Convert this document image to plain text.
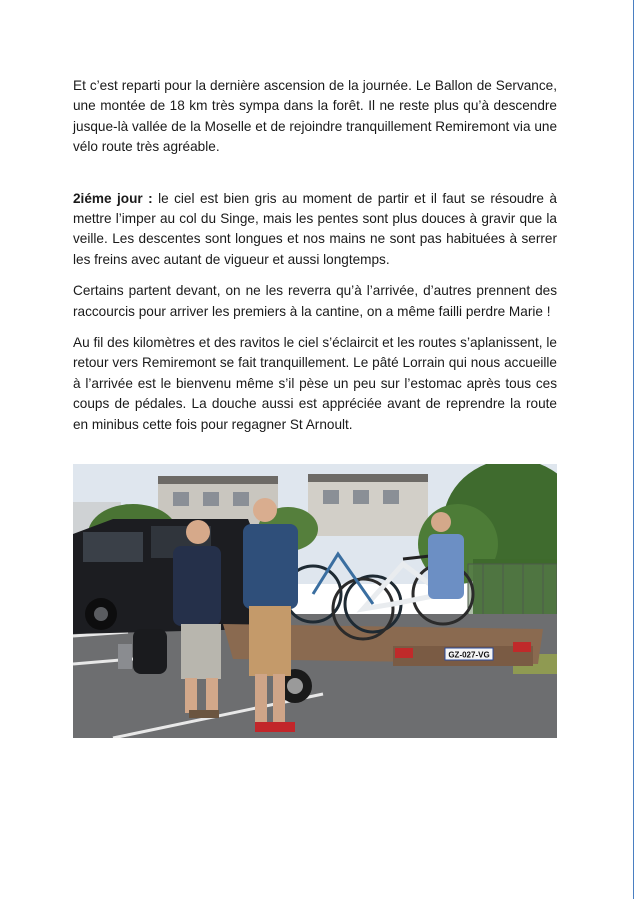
Et c’est reparti pour la dernière ascension de la journée. Le Ballon de Servance, une montée de 18 km très sympa dans la forêt. Il ne reste plus qu’à descendre jusque-là vallée de la Moselle et de rejoindre tranquillement Remiremont via une vélo route très agréable.

2iéme jour : le ciel est bien gris au moment de partir et il faut se résoudre à mettre l’imper au col du Singe, mais les pentes sont plus douces à gravir que la veille. Les descentes sont longues et nos mains ne sont pas habituées à serrer les freins avec autant de vigueur et aussi longtemps.

Certains partent devant, on ne les reverra qu’à l’arrivée, d’autres prennent des raccourcis pour arriver les premiers à la cantine, on a même failli perdre Marie !

Au fil des kilomètres et des ravitos le ciel s’éclaircit et les routes s’aplanissent, le retour vers Remiremont se fait tranquillement. Le pâté Lorrain qui nous accueille à l’arrivée est le bienvenu même s’il pèse un peu sur l’estomac après tous ces coups de pédales. La douche aussi est appréciée avant de reprendre la route en minibus cette fois pour regagner St Arnoult.

GZ-027-VG
